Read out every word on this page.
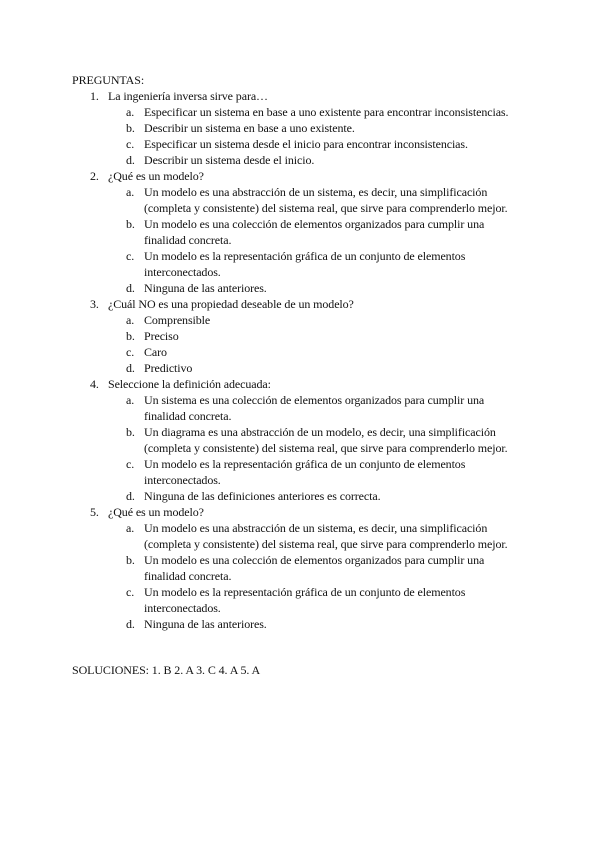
PREGUNTAS:
1. La ingeniería inversa sirve para…
a. Especificar un sistema en base a uno existente para encontrar inconsistencias.
b. Describir un sistema en base a uno existente.
c. Especificar un sistema desde el inicio para encontrar inconsistencias.
d. Describir un sistema desde el inicio.
2. ¿Qué es un modelo?
a. Un modelo es una abstracción de un sistema, es decir, una simplificación (completa y consistente) del sistema real, que sirve para comprenderlo mejor.
b. Un modelo es una colección de elementos organizados para cumplir una finalidad concreta.
c. Un modelo es la representación gráfica de un conjunto de elementos interconectados.
d. Ninguna de las anteriores.
3. ¿Cuál NO es una propiedad deseable de un modelo?
a. Comprensible
b. Preciso
c. Caro
d. Predictivo
4. Seleccione la definición adecuada:
a. Un sistema es una colección de elementos organizados para cumplir una finalidad concreta.
b. Un diagrama es una abstracción de un modelo, es decir, una simplificación (completa y consistente) del sistema real, que sirve para comprenderlo mejor.
c. Un modelo es la representación gráfica de un conjunto de elementos interconectados.
d. Ninguna de las definiciones anteriores es correcta.
5. ¿Qué es un modelo?
a. Un modelo es una abstracción de un sistema, es decir, una simplificación (completa y consistente) del sistema real, que sirve para comprenderlo mejor.
b. Un modelo es una colección de elementos organizados para cumplir una finalidad concreta.
c. Un modelo es la representación gráfica de un conjunto de elementos interconectados.
d. Ninguna de las anteriores.
SOLUCIONES: 1. B 2. A 3. C 4. A 5. A
